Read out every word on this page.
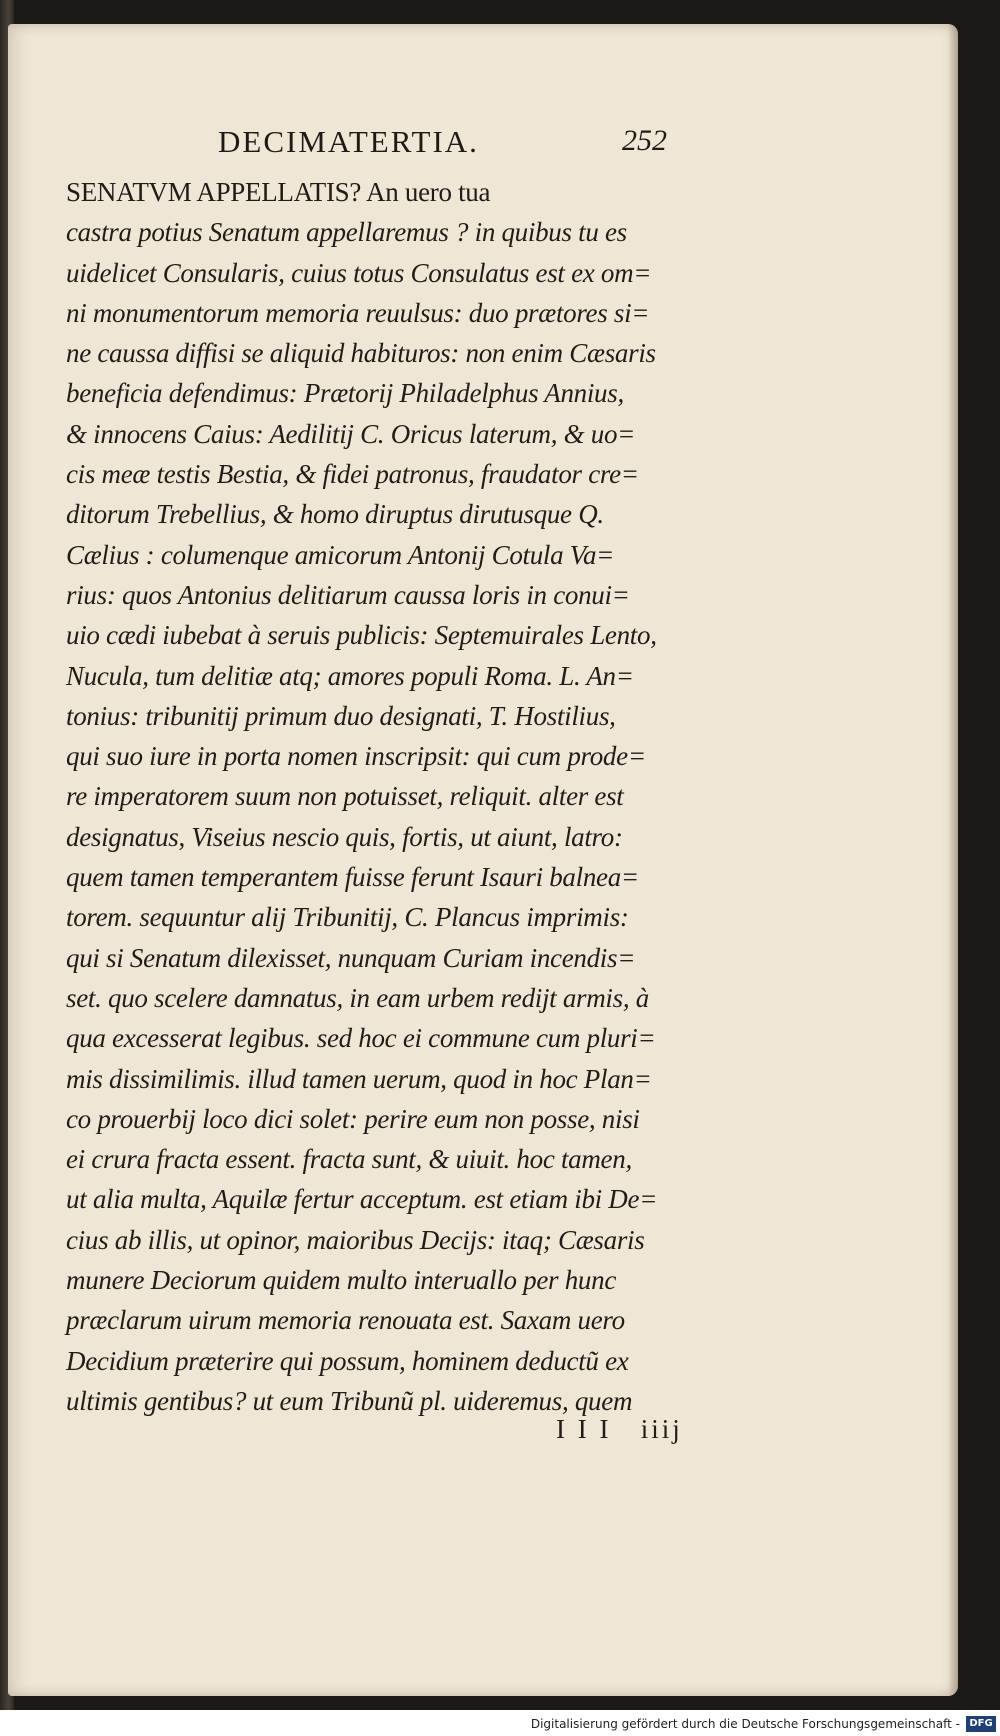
DECIMATERTIA.	252
SENATVM APPELLATIS? An uero tua
castra potius Senatum appellaremus ? in quibus tu es
uidelicet Consularis, cuius totus Consulatus est ex om=
ni monumentorum memoria reuulsus: duo prætores si=
ne caussa diffisi se aliquid habituros: non enim Cæsaris
beneficia defendimus: Prætorij Philadelphus Annius,
& innocens Caius: Aedilitij C. Oricus laterum, & uo=
cis meæ testis Bestia, & fidei patronus, fraudator cre=
ditorum Trebellius, & homo diruptus dirutusque Q.
Cælius : columenque amicorum Antonij Cotula Va=
rius: quos Antonius delitiarum caussa loris in conui=
uio cædi iubebat à seruis publicis: Septemuirales Lento,
Nucula, tum delitiæ atq; amores populi Roma. L. An=
tonius: tribunitij primum duo designati, T. Hostilius,
qui suo iure in porta nomen inscripsit: qui cum prode=
re imperatorem suum non potuisset, reliquit. alter est
designatus, Viseius nescio quis, fortis, ut aiunt, latro:
quem tamen temperantem fuisse ferunt Isauri balnea=
torem. sequuntur alij Tribunitij, C. Plancus imprimis:
qui si Senatum dilexisset, nunquam Curiam incendis=
set. quo scelere damnatus, in eam urbem redijt armis, à
qua excesserat legibus. sed hoc ei commune cum pluri=
mis dissimilimis. illud tamen uerum, quod in hoc Plan=
co prouerbij loco dici solet: perire eum non posse, nisi
ei crura fracta essent. fracta sunt, & uiuit. hoc tamen,
ut alia multa, Aquilæ fertur acceptum. est etiam ibi De=
cius ab illis, ut opinor, maioribus Decijs: itaq; Cæsaris
munere Deciorum quidem multo interuallo per hunc
præclarum uirum memoria renouata est. Saxam uero
Decidium præterire qui possum, hominem deductũ ex
ultimis gentibus? ut eum Tribunũ pl. uideremus, quem
I I I   iiij
Digitalisierung gefördert durch die Deutsche Forschungsgemeinschaft - DFG
